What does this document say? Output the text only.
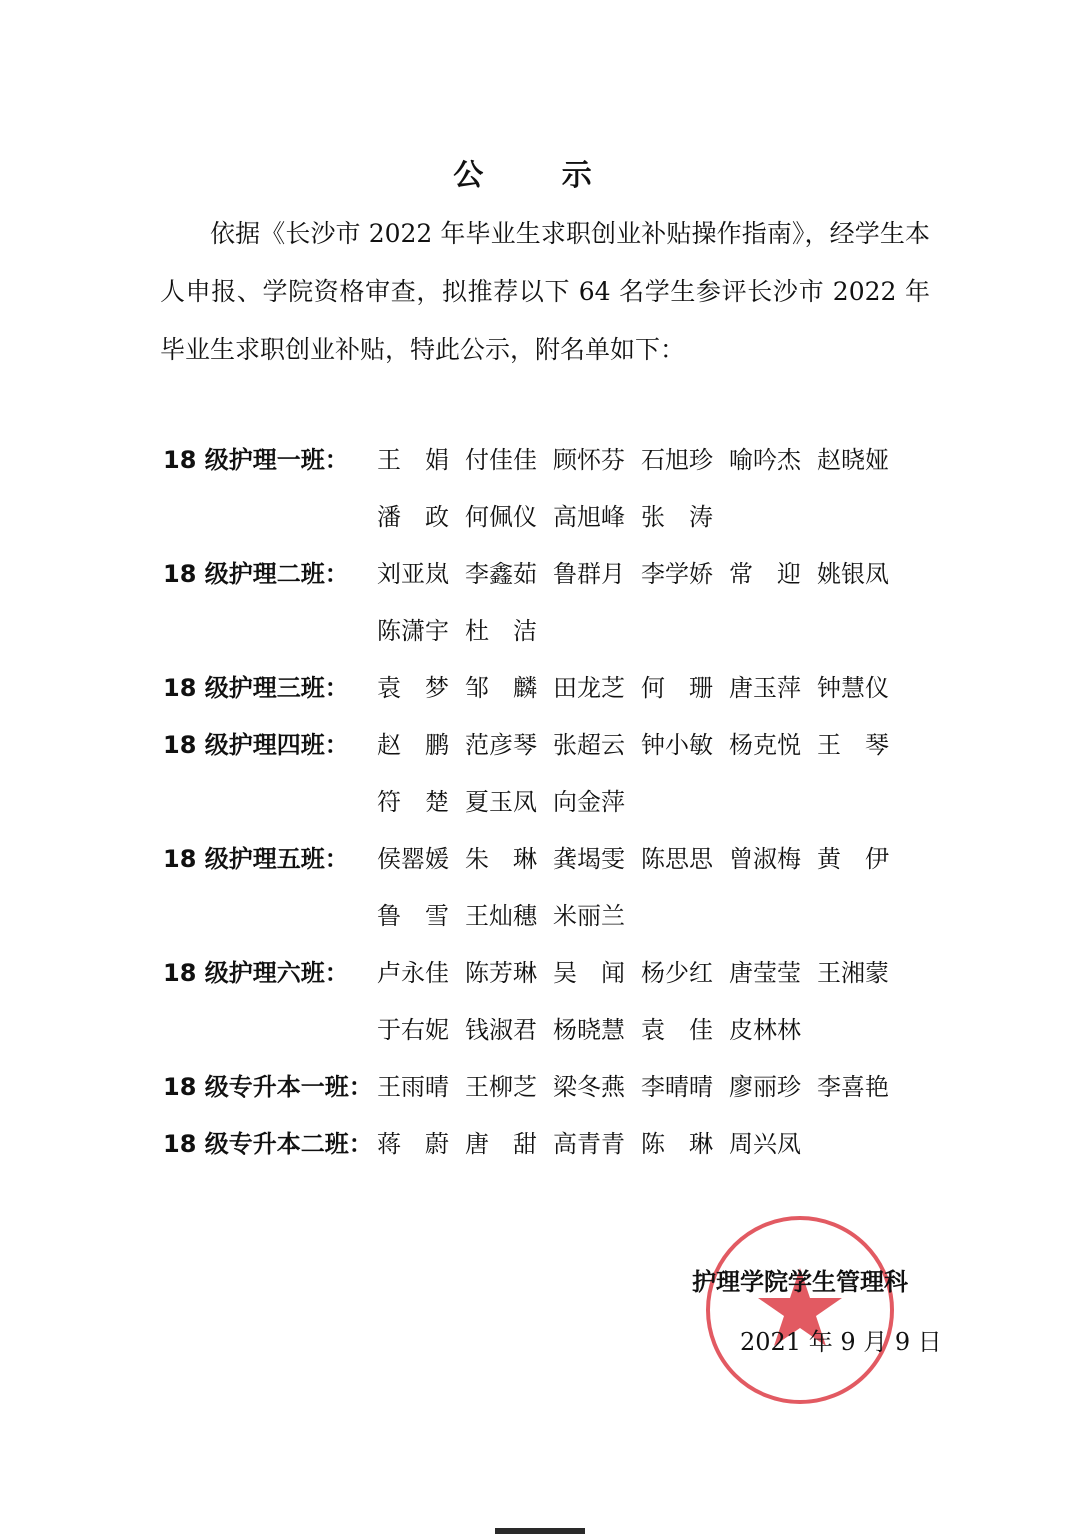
公 示
依据《长沙市 2022 年毕业生求职创业补贴操作指南》，经学生本人申报、学院资格审查，拟推荐以下 64 名学生参评长沙市 2022 年毕业生求职创业补贴，特此公示，附名单如下：
18 级护理一班：	王　娟 付佳佳 顾怀芬 石旭珍 喻吟杰 赵晓娅
潘　政 何佩仪 高旭峰 张　涛
18 级护理二班：	刘亚岚 李鑫茹 鲁群月 李学娇 常　迎 姚银凤
陈潇宇 杜　洁
18 级护理三班：	袁　梦 邹　麟 田龙芝 何　珊 唐玉萍 钟慧仪
18 级护理四班：	赵　鹏 范彦琴 张超云 钟小敏 杨克悦 王　琴
符　楚 夏玉凤 向金萍
18 级护理五班：	侯罂媛 朱　琳 龚堨雯 陈思思 曾淑梅 黄　伊
鲁　雪 王灿穗 米丽兰
18 级护理六班：	卢永佳 陈芳琳 吴　闻 杨少红 唐莹莹 王湘蒙
于右妮 钱淑君 杨晓慧 袁　佳 皮林林
18 级专升本一班： 王雨晴 王柳芝 梁冬燕 李晴晴 廖丽珍 李喜艳
18 级专升本二班： 蒋　蔚 唐　甜 高青青 陈　琳 周兴凤
护理学院学生管理科
2021 年 9 月 9 日
